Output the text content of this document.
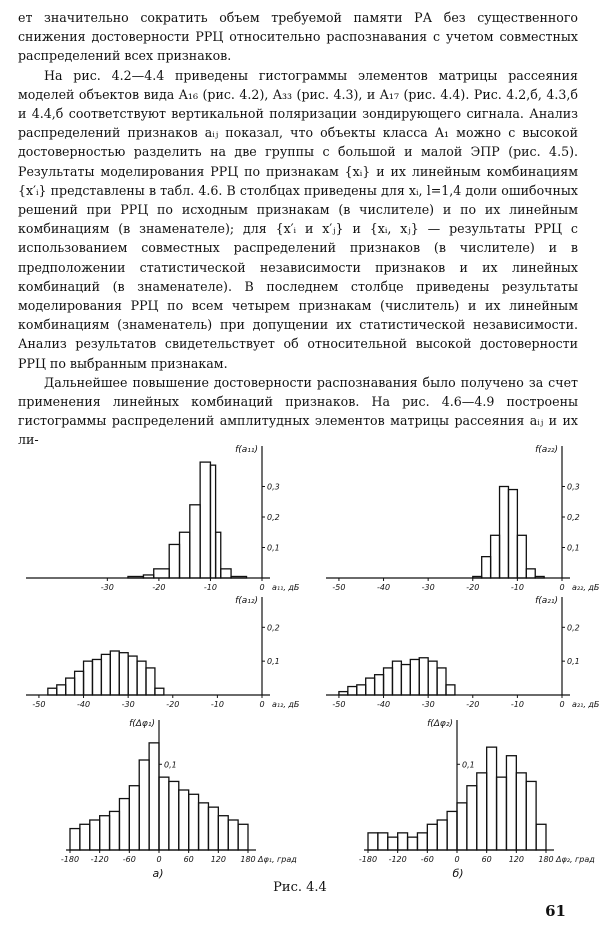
ет значительно сократить объем требуемой памяти РА без существенного снижения достоверности РРЦ относительно распознавания с учетом совместных распределений всех признаков.

На рис. 4.2—4.4 приведены гистограммы элементов матрицы рассеяния моделей объектов вида A₁₆ (рис. 4.2), A₃₃ (рис. 4.3), и A₁₇ (рис. 4.4). Рис. 4.2,б, 4.3,б и 4.4,б соответствуют вертикальной поляризации зондирующего сигнала. Анализ распределений признаков aᵢⱼ показал, что объекты класса A₁ можно с высокой достоверностью разделить на две группы с большой и малой ЭПР (рис. 4.5). Результаты моделирования РРЦ по признакам {xᵢ} и их линейным комбинациям {x′ᵢ} представлены в табл. 4.6. В столбцах приведены для xᵢ, l=1,4 доли ошибочных решений при РРЦ по исходным признакам (в числителе) и по их линейным комбинациям (в знаменателе); для {x′ᵢ и x′ⱼ} и {xᵢ, xⱼ} — результаты РРЦ с использованием совместных распределений признаков (в числителе) и в предположении статистической независимости признаков и их линейных комбинаций (в знаменателе). В последнем столбце приведены результаты моделирования РРЦ по всем четырем признакам (числитель) и их линейным комбинациям (знаменатель) при допущении их статистической независимости. Анализ результатов свидетельствует об относительной высокой достоверности РРЦ по выбранным признакам.

Дальнейшее повышение достоверности распознавания было получено за счет применения линейных комбинаций признаков. На рис. 4.6—4.9 построены гистограммы распределений амплитудных элементов матрицы рассеяния aᵢⱼ и их ли-

-30	-20	-10	0
0,1
0,2
0,3
f(a₁₁)
a₁₁, дБ	-50	-40	-30	-20	-10	0
0,1
0,2
0,3
f(a₂₂)
a₂₂, дБ
-50	-40	-30	-20	-10	0
0,1
0,2
f(a₁₂)
a₁₂, дБ	-50	-40	-30	-20	-10	0
0,1
0,2
f(a₂₁)
a₂₁, дБ
-180 -120 -60	0	60 120 180
0,1
f(Δφ₁)
Δφ₁, град	-180 -120 -60	0	60 120 180
0,1
f(Δφ₂)
Δφ₂, град
а)	б)
Рис. 4.4
61
